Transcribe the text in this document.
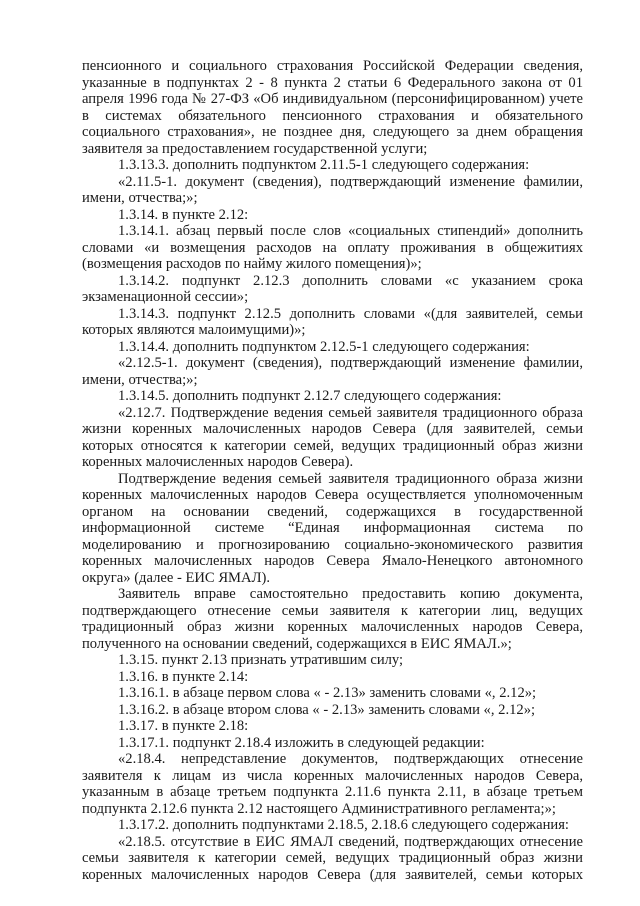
пенсионного и социального страхования Российской Федерации сведения, указанные в подпунктах 2 - 8 пункта 2 статьи 6 Федерального закона от 01 апреля 1996 года № 27-ФЗ «Об индивидуальном (персонифицированном) учете в системах обязательного пенсионного страхования и обязательного социального страхования», не позднее дня, следующего за днем обращения заявителя за предоставлением государственной услуги;

1.3.13.3. дополнить подпунктом 2.11.5-1 следующего содержания:

«2.11.5-1. документ (сведения), подтверждающий изменение фамилии, имени, отчества;»;

1.3.14. в пункте 2.12:

1.3.14.1. абзац первый после слов «социальных стипендий» дополнить словами «и возмещения расходов на оплату проживания в общежитиях (возмещения расходов по найму жилого помещения)»;

1.3.14.2. подпункт 2.12.3 дополнить словами «с указанием срока экзаменационной сессии»;

1.3.14.3. подпункт 2.12.5 дополнить словами «(для заявителей, семьи которых являются малоимущими)»;

1.3.14.4. дополнить подпунктом 2.12.5-1 следующего содержания:

«2.12.5-1. документ (сведения), подтверждающий изменение фамилии, имени, отчества;»;

1.3.14.5. дополнить подпункт 2.12.7 следующего содержания:

«2.12.7. Подтверждение ведения семьей заявителя традиционного образа жизни коренных малочисленных народов Севера (для заявителей, семьи которых относятся к категории семей, ведущих традиционный образ жизни коренных малочисленных народов Севера).

Подтверждение ведения семьей заявителя традиционного образа жизни коренных малочисленных народов Севера осуществляется уполномоченным органом на основании сведений, содержащихся в государственной информационной системе “Единая информационная система по моделированию и прогнозированию социально-экономического развития коренных малочисленных народов Севера Ямало-Ненецкого автономного округа» (далее - ЕИС ЯМАЛ).

Заявитель вправе самостоятельно предоставить копию документа, подтверждающего отнесение семьи заявителя к категории лиц, ведущих традиционный образ жизни коренных малочисленных народов Севера, полученного на основании сведений, содержащихся в ЕИС ЯМАЛ.»;

1.3.15. пункт 2.13 признать утратившим силу;

1.3.16. в пункте 2.14:

1.3.16.1. в абзаце первом слова « - 2.13» заменить словами «, 2.12»;

1.3.16.2. в абзаце втором слова « - 2.13» заменить словами «, 2.12»;

1.3.17. в пункте 2.18:

1.3.17.1. подпункт 2.18.4 изложить в следующей редакции:

«2.18.4. непредставление документов, подтверждающих отнесение заявителя к лицам из числа коренных малочисленных народов Севера, указанным в абзаце третьем подпункта 2.11.6 пункта 2.11, в абзаце третьем подпункта 2.12.6 пункта 2.12 настоящего Административного регламента;»;

1.3.17.2. дополнить подпунктами 2.18.5, 2.18.6 следующего содержания:

«2.18.5. отсутствие в ЕИС ЯМАЛ сведений, подтверждающих отнесение семьи заявителя к категории семей, ведущих традиционный образ жизни коренных малочисленных народов Севера (для заявителей, семьи которых
